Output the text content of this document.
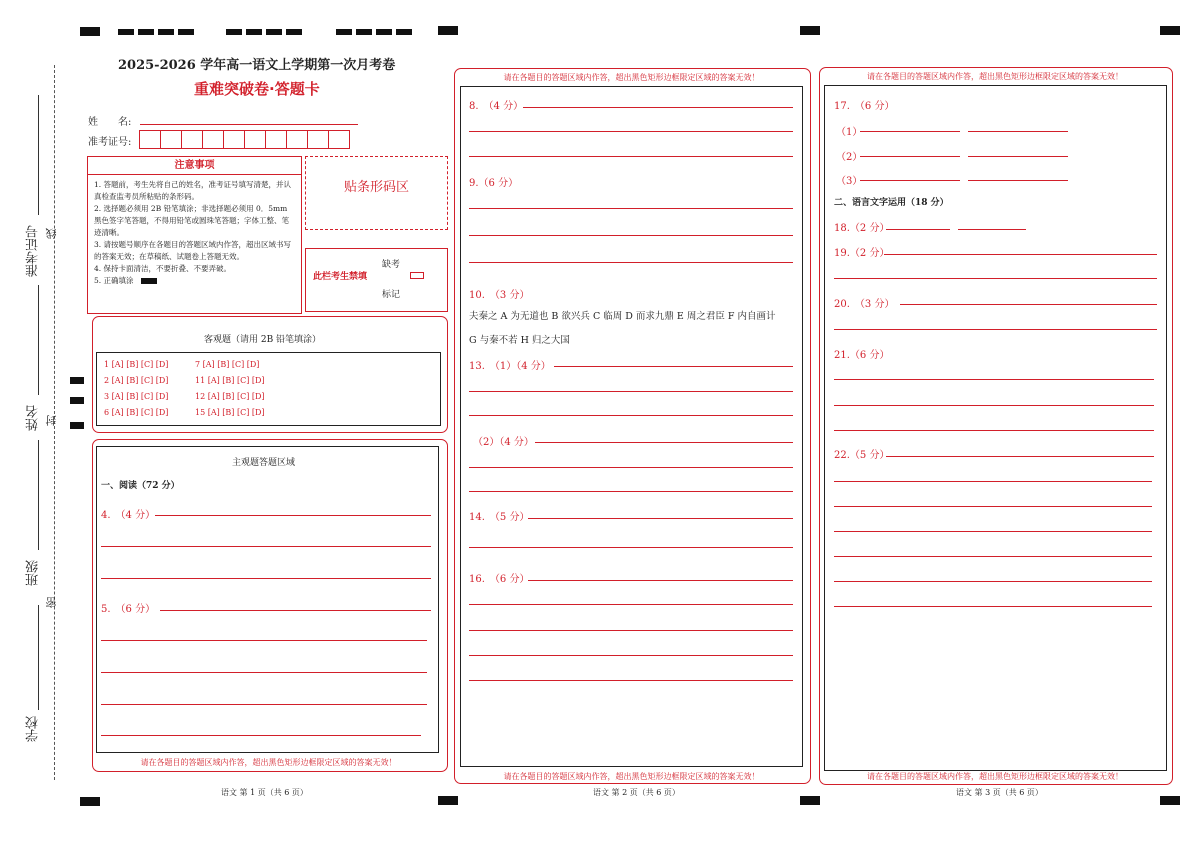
准考证号
姓名
班级
学校
线
封
密
2025-2026 学年高一语文上学期第一次月考卷
重难突破卷·答题卡
姓　　名:
准考证号:
注意事项
1. 答题前，考生先将自己的姓名，准考证号填写清楚，并认真检查监考员所粘贴的条形码。
2. 选择题必须用 2B 铅笔填涂；非选择题必须用 0．5mm 黑色签字笔答题，不得用铅笔或圆珠笔答题；字体工整、笔迹清晰。
3. 请按题号顺序在各题目的答题区域内作答，超出区域书写的答案无效；在草稿纸、试题卷上答题无效。
4. 保持卡面清洁，不要折叠、不要弄破。
5. 正确填涂　
贴条形码区
此栏考生禁填
缺考
标记
客观题（请用 2B 铅笔填涂）
1 [A] [B] [C] [D]
2 [A] [B] [C] [D]
3 [A] [B] [C] [D]
6 [A] [B] [C] [D]
7 [A] [B] [C] [D]
11 [A] [B] [C] [D]
12 [A] [B] [C] [D]
15 [A] [B] [C] [D]
主观题答题区域
一、阅读（72 分）
4.　（4 分）
5.　（6 分）
请在各题目的答题区域内作答，超出黑色矩形边框限定区域的答案无效！
请在各题目的答题区域内作答，超出黑色矩形边框限定区域的答案无效！
8.　（4 分）
9.（6 分）
10.　（3 分）
夫秦之 A 为无道也 B 欲兴兵 C 临周 D 而求九鼎 E 周之君臣 F 内自画计
G 与秦不若 H 归之大国
13.　（1）（4 分）
（2）（4 分）
14.　（5 分）
16.　（6 分）
请在各题目的答题区域内作答，超出黑色矩形边框限定区域的答案无效！
请在各题目的答题区域内作答，超出黑色矩形边框限定区域的答案无效！
17.　（6 分）
（1）
（2）
（3）
二、语言文字运用（18 分）
18.（2 分）
19.（2 分）
20.　（3 分）
21.（6 分）
22.（5 分）
请在各题目的答题区域内作答，超出黑色矩形边框限定区域的答案无效！
语文 第 1 页（共 6 页）	语文 第 2 页（共 6 页）	语文 第 3 页（共 6 页）
